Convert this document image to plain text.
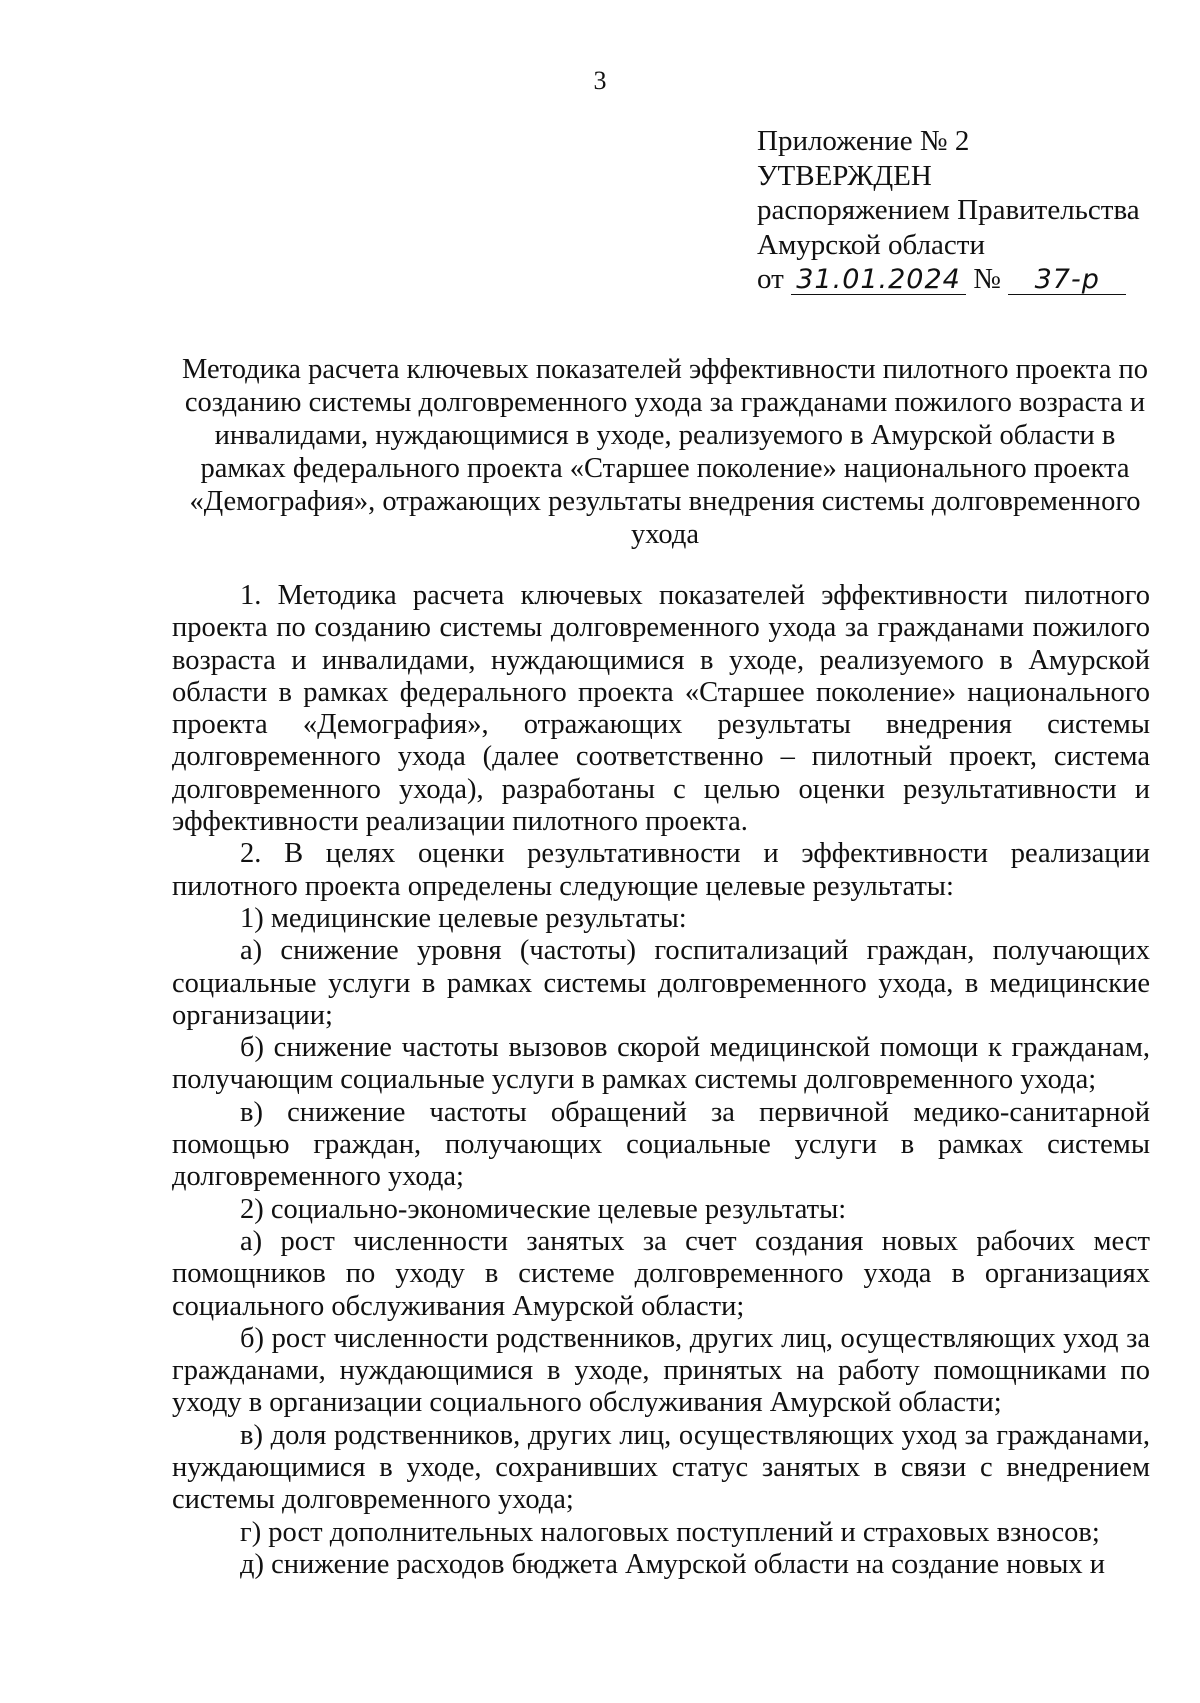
3
Приложение № 2
УТВЕРЖДЕН
распоряжением Правительства
Амурской области
от 31.01.2024 № 37-р
Методика расчета ключевых показателей эффективности пилотного проекта по созданию системы долговременного ухода за гражданами пожилого возраста и инвалидами, нуждающимися в уходе, реализуемого в Амурской области в рамках федерального проекта «Старшее поколение» национального проекта «Демография», отражающих результаты внедрения системы долговременного ухода

1. Методика расчета ключевых показателей эффективности пилотного проекта по созданию системы долговременного ухода за гражданами пожилого возраста и инвалидами, нуждающимися в уходе, реализуемого в Амурской области в рамках федерального проекта «Старшее поколение» национального проекта «Демография», отражающих результаты внедрения системы долговременного ухода (далее соответственно – пилотный проект, система долговременного ухода), разработаны с целью оценки результативности и эффективности реализации пилотного проекта.

2. В целях оценки результативности и эффективности реализации пилотного проекта определены следующие целевые результаты:

1) медицинские целевые результаты:

а) снижение уровня (частоты) госпитализаций граждан, получающих социальные услуги в рамках системы долговременного ухода, в медицинские организации;

б) снижение частоты вызовов скорой медицинской помощи к гражданам, получающим социальные услуги в рамках системы долговременного ухода;

в) снижение частоты обращений за первичной медико-санитарной помощью граждан, получающих социальные услуги в рамках системы долговременного ухода;

2) социально-экономические целевые результаты:

а) рост численности занятых за счет создания новых рабочих мест помощников по уходу в системе долговременного ухода в организациях социального обслуживания Амурской области;

б) рост численности родственников, других лиц, осуществляющих уход за гражданами, нуждающимися в уходе, принятых на работу помощниками по уходу в организации социального обслуживания Амурской области;

в) доля родственников, других лиц, осуществляющих уход за гражданами, нуждающимися в уходе, сохранивших статус занятых в связи с внедрением системы долговременного ухода;

г) рост дополнительных налоговых поступлений и страховых взносов;

д) снижение расходов бюджета Амурской области на создание новых и
